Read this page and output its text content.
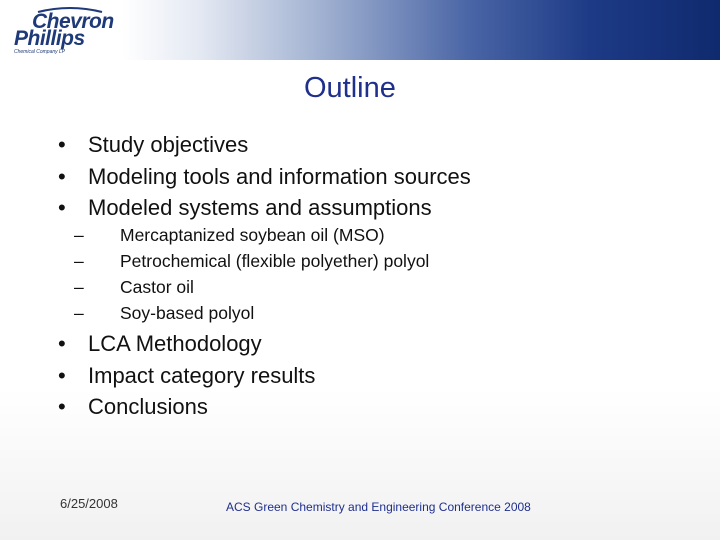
Chevron
Phillips
Chemical Company LP
Outline
• Study objectives
• Modeling tools and information sources
• Modeled systems and assumptions
– Mercaptanized soybean oil (MSO)
– Petrochemical (flexible polyether) polyol
– Castor oil
– Soy-based polyol
• LCA Methodology
• Impact category results
• Conclusions
6/25/2008	ACS Green Chemistry and Engineering Conference 2008
